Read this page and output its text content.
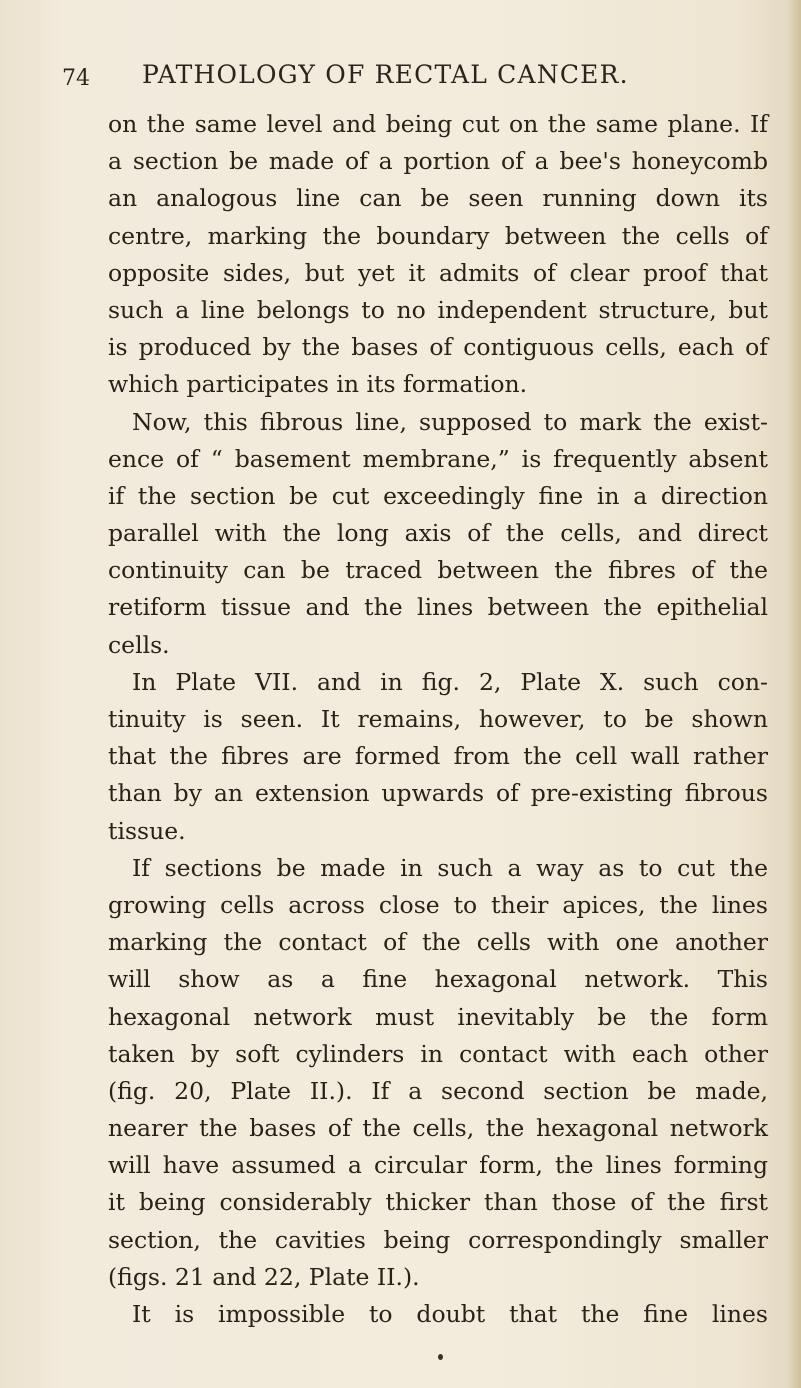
74 PATHOLOGY OF RECTAL CANCER.
on the same level and being cut on the same plane. If
a section be made of a portion of a bee's honeycomb
an analogous line can be seen running down its
centre, marking the boundary between the cells of
opposite sides, but yet it admits of clear proof that
such a line belongs to no independent structure, but
is produced by the bases of contiguous cells, each of
which participates in its formation.
Now, this fibrous line, supposed to mark the exist-
ence of “ basement membrane,” is frequently absent
if the section be cut exceedingly fine in a direction
parallel with the long axis of the cells, and direct
continuity can be traced between the fibres of the
retiform tissue and the lines between the epithelial
cells.
In Plate VII. and in fig. 2, Plate X. such con-
tinuity is seen. It remains, however, to be shown
that the fibres are formed from the cell wall rather
than by an extension upwards of pre-existing fibrous
tissue.
If sections be made in such a way as to cut the
growing cells across close to their apices, the lines
marking the contact of the cells with one another
will show as a fine hexagonal network. This
hexagonal network must inevitably be the form
taken by soft cylinders in contact with each other
(fig. 20, Plate II.). If a second section be made,
nearer the bases of the cells, the hexagonal network
will have assumed a circular form, the lines forming
it being considerably thicker than those of the first
section, the cavities being correspondingly smaller
(figs. 21 and 22, Plate II.).
It is impossible to doubt that the fine lines
